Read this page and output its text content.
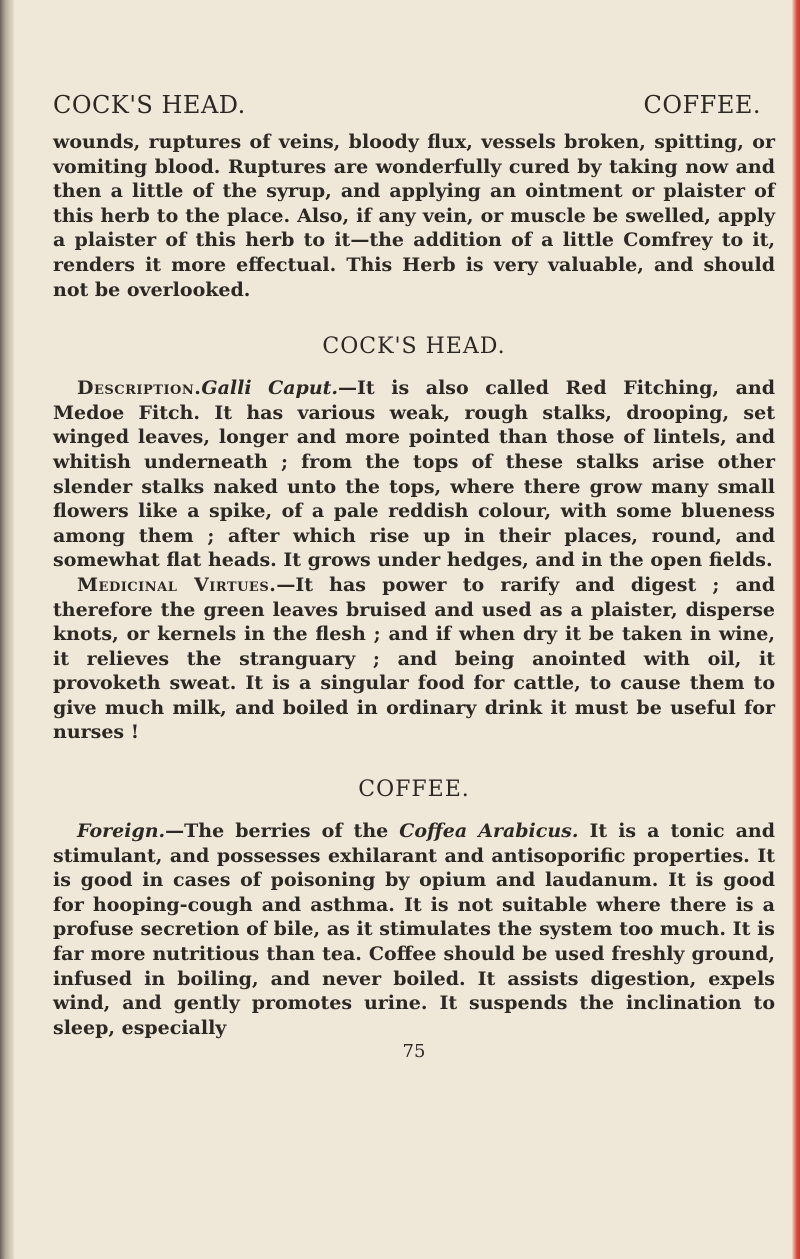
COCK'S HEAD.	COFFEE.

wounds, ruptures of veins, bloody flux, vessels broken, spitting, or vomiting blood. Ruptures are wonderfully cured by taking now and then a little of the syrup, and applying an ointment or plaister of this herb to the place. Also, if any vein, or muscle be swelled, apply a plaister of this herb to it—the addition of a little Comfrey to it, renders it more effectual. This Herb is very valuable, and should not be overlooked.

COCK'S HEAD.

Description.Galli Caput.—It is also called Red Fitching, and Medoe Fitch. It has various weak, rough stalks, drooping, set winged leaves, longer and more pointed than those of lintels, and whitish underneath ; from the tops of these stalks arise other slender stalks naked unto the tops, where there grow many small flowers like a spike, of a pale reddish colour, with some blueness among them ; after which rise up in their places, round, and somewhat flat heads. It grows under hedges, and in the open fields.

Medicinal Virtues.—It has power to rarify and digest ; and therefore the green leaves bruised and used as a plaister, disperse knots, or kernels in the flesh ; and if when dry it be taken in wine, it relieves the stranguary ; and being anointed with oil, it provoketh sweat. It is a singular food for cattle, to cause them to give much milk, and boiled in ordinary drink it must be useful for nurses !

COFFEE.

Foreign.—The berries of the Coffea Arabicus. It is a tonic and stimulant, and possesses exhilarant and antisoporific properties. It is good in cases of poisoning by opium and laudanum. It is good for hooping-cough and asthma. It is not suitable where there is a profuse secretion of bile, as it stimulates the system too much. It is far more nutritious than tea. Coffee should be used freshly ground, infused in boiling, and never boiled. It assists digestion, expels wind, and gently promotes urine. It suspends the inclination to sleep, especially

75
